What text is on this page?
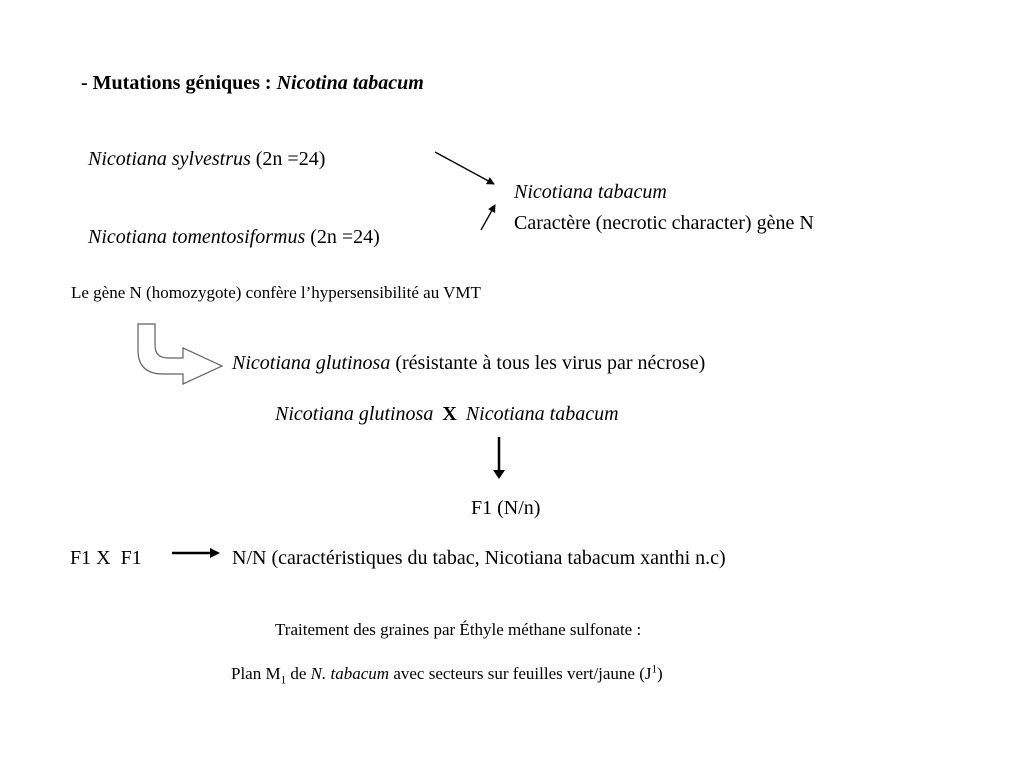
- Mutations géniques : Nicotina tabacum
Nicotiana sylvestrus (2n =24)
Nicotiana tomentosiformus (2n =24)
Nicotiana tabacum
Caractère (necrotic character) gène N
Le gène N (homozygote) confère l’hypersensibilité au VMT
Nicotiana glutinosa (résistante à tous les virus par nécrose)
Nicotiana glutinosa X Nicotiana tabacum
F1 (N/n)
F1 X  F1	N/N (caractéristiques du tabac, Nicotiana tabacum xanthi n.c)
Traitement des graines par Éthyle méthane sulfonate :
Plan $M_1$ de N. tabacum avec secteurs sur feuilles vert/jaune $(J^1)$
